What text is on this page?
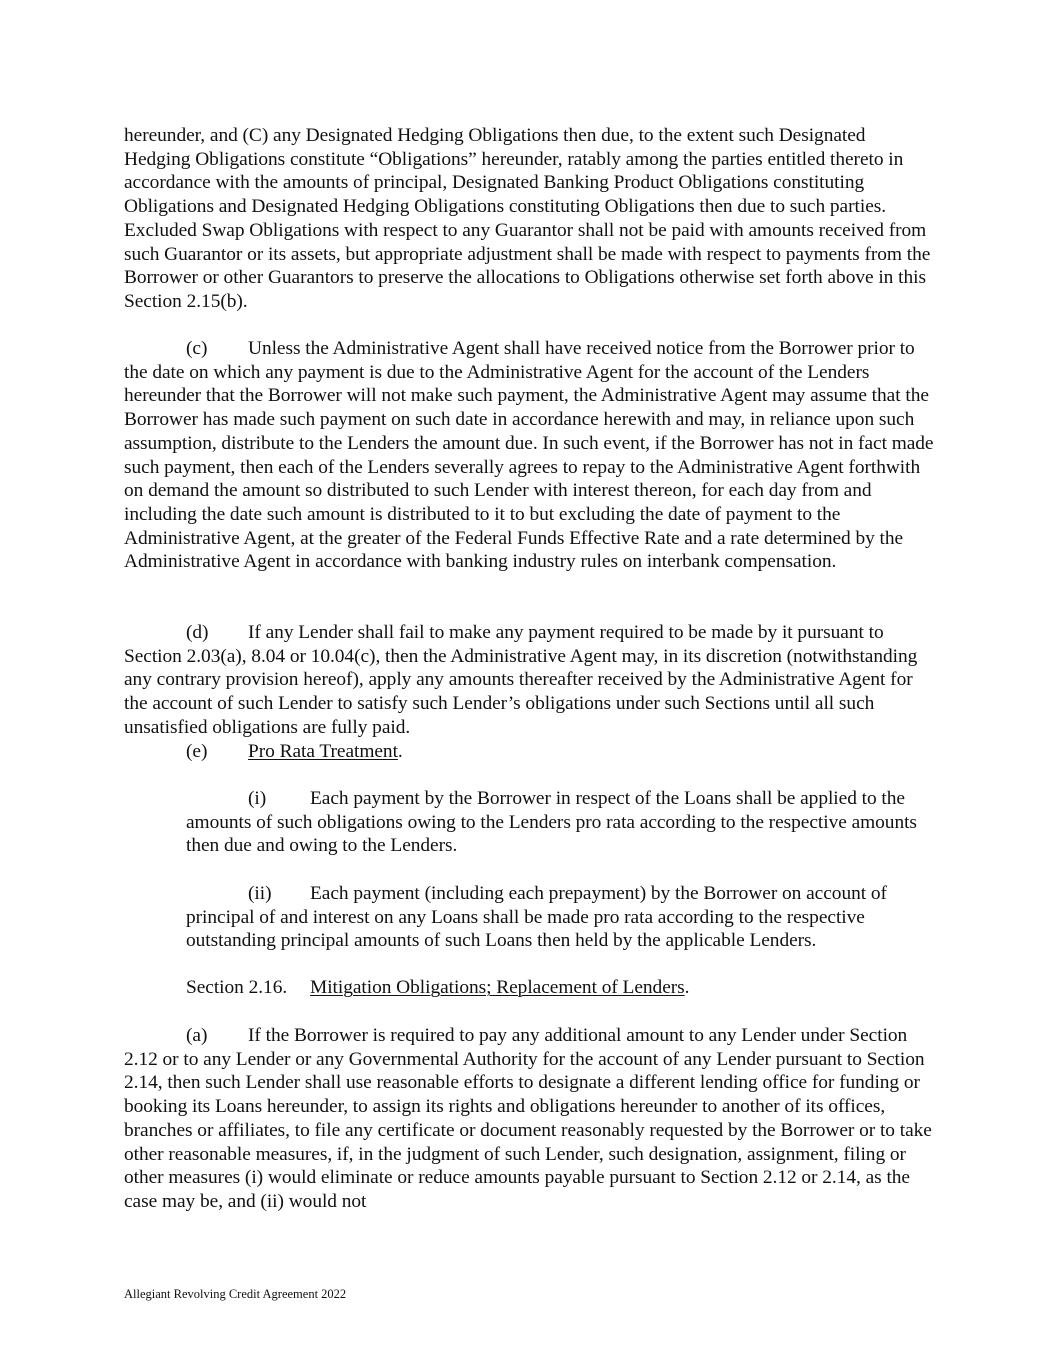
hereunder, and (C) any Designated Hedging Obligations then due, to the extent such Designated Hedging Obligations constitute “Obligations” hereunder, ratably among the parties entitled thereto in accordance with the amounts of principal, Designated Banking Product Obligations constituting Obligations and Designated Hedging Obligations constituting Obligations then due to such parties. Excluded Swap Obligations with respect to any Guarantor shall not be paid with amounts received from such Guarantor or its assets, but appropriate adjustment shall be made with respect to payments from the Borrower or other Guarantors to preserve the allocations to Obligations otherwise set forth above in this Section 2.15(b).

(c) Unless the Administrative Agent shall have received notice from the Borrower prior to the date on which any payment is due to the Administrative Agent for the account of the Lenders hereunder that the Borrower will not make such payment, the Administrative Agent may assume that the Borrower has made such payment on such date in accordance herewith and may, in reliance upon such assumption, distribute to the Lenders the amount due. In such event, if the Borrower has not in fact made such payment, then each of the Lenders severally agrees to repay to the Administrative Agent forthwith on demand the amount so distributed to such Lender with interest thereon, for each day from and including the date such amount is distributed to it to but excluding the date of payment to the Administrative Agent, at the greater of the Federal Funds Effective Rate and a rate determined by the Administrative Agent in accordance with banking industry rules on interbank compensation.

(d) If any Lender shall fail to make any payment required to be made by it pursuant to Section 2.03(a), 8.04 or 10.04(c), then the Administrative Agent may, in its discretion (notwithstanding any contrary provision hereof), apply any amounts thereafter received by the Administrative Agent for the account of such Lender to satisfy such Lender’s obligations under such Sections until all such unsatisfied obligations are fully paid.

(e) Pro Rata Treatment.

(i) Each payment by the Borrower in respect of the Loans shall be applied to the amounts of such obligations owing to the Lenders pro rata according to the respective amounts then due and owing to the Lenders.

(ii) Each payment (including each prepayment) by the Borrower on account of principal of and interest on any Loans shall be made pro rata according to the respective outstanding principal amounts of such Loans then held by the applicable Lenders.

Section 2.16. Mitigation Obligations; Replacement of Lenders.

(a) If the Borrower is required to pay any additional amount to any Lender under Section 2.12 or to any Lender or any Governmental Authority for the account of any Lender pursuant to Section 2.14, then such Lender shall use reasonable efforts to designate a different lending office for funding or booking its Loans hereunder, to assign its rights and obligations hereunder to another of its offices, branches or affiliates, to file any certificate or document reasonably requested by the Borrower or to take other reasonable measures, if, in the judgment of such Lender, such designation, assignment, filing or other measures (i) would eliminate or reduce amounts payable pursuant to Section 2.12 or 2.14, as the case may be, and (ii) would not

Allegiant Revolving Credit Agreement 2022
